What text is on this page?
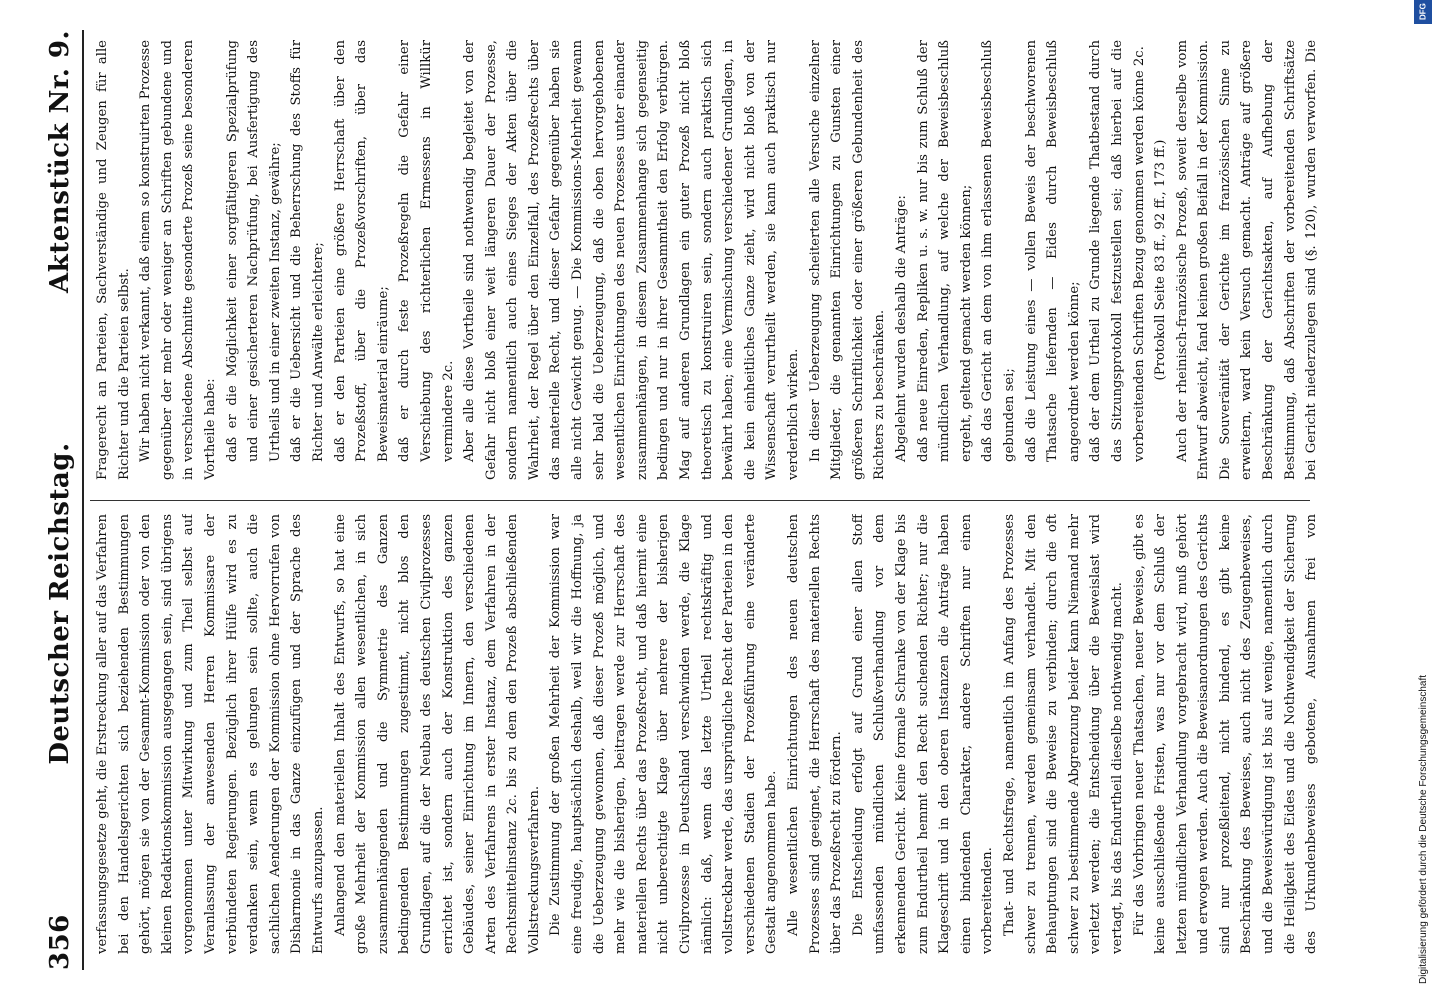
356
Deutscher Reichstag.
Aktenstück Nr. 9.

verfassungsgesetze geht, die Erstreckung aller auf das Verfahren bei den Handelsgerichten sich beziehenden Bestimmungen gehört, mögen sie von der Gesammt-Kommission oder von den kleinen Redaktionskommission ausgegangen sein, sind übrigens vorgenommen unter Mitwirkung und zum Theil selbst auf Veranlassung der anwesenden Herren Kommissare der verbündeten Regierungen. Bezüglich ihrer Hülfe wird es zu verdanken sein, wenn es gelungen sein sollte, auch die sachlichen Aenderungen der Kommission ohne Hervorrufen von Disharmonie in das Ganze einzufügen und der Sprache des Entwurfs anzupassen. Anlangend den materiellen Inhalt des Entwurfs, so hat eine große Mehrheit der Kommission allen wesentlichen, in sich zusammenhängenden und die Symmetrie des Ganzen bedingenden Bestimmungen zugestimmt, nicht blos den Grundlagen, auf die der Neubau des deutschen Civilprozesses errichtet ist, sondern auch der Konstruktion des ganzen Gebäudes, seiner Einrichtung im Innern, den verschiedenen Arten des Verfahrens in erster Instanz, dem Verfahren in der Rechtsmittelinstanz 2c. bis zu dem den Prozeß abschließenden Vollstreckungsverfahren. Die Zustimmung der großen Mehrheit der Kommission war eine freudige, hauptsächlich deshalb, weil wir die Hoffnung, ja die Ueberzeugung gewonnen, daß dieser Prozeß möglich, und mehr wie die bisherigen, beitragen werde zur Herrschaft des materiellen Rechts über das Prozeßrecht, und daß hiermit eine nicht unberechtigte Klage über mehrere der bisherigen Civilprozesse in Deutschland verschwinden werde, die Klage nämlich: daß, wenn das letzte Urtheil rechtskräftig und vollstreckbar werde, das ursprüngliche Recht der Parteien in den verschiedenen Stadien der Prozeßführung eine veränderte Gestalt angenommen habe. Alle wesentlichen Einrichtungen des neuen deutschen Prozesses sind geeignet, die Herrschaft des materiellen Rechts über das Prozeßrecht zu fördern. Die Entscheidung erfolgt auf Grund einer allen Stoff umfassenden mündlichen Schlußverhandlung vor dem erkennenden Gericht. Keine formale Schranke von der Klage bis zum Endurtheil hemmt den Recht suchenden Richter; nur die Klageschrift und in den oberen Instanzen die Anträge haben einen bindenden Charakter, andere Schriften nur einen vorbereitenden. That- und Rechtsfrage, namentlich im Anfang des Prozesses schwer zu trennen, werden gemeinsam verhandelt. Mit den Behauptungen sind die Beweise zu verbinden; durch die oft schwer zu bestimmende Abgrenzung beider kann Niemand mehr verletzt werden; die Entscheidung über die Beweislast wird vertagt, bis das Endurtheil dieselbe nothwendig macht. Für das Vorbringen neuer Thatsachen, neuer Beweise, gibt es keine ausschließende Fristen, was nur vor dem Schluß der letzten mündlichen Verhandlung vorgebracht wird, muß gehört und erwogen werden. Auch die Beweisanordnungen des Gerichts sind nur prozeßleitend, nicht bindend, es gibt keine Beschränkung des Beweises, auch nicht des Zeugenbeweises, und die Beweiswürdigung ist bis auf wenige, namentlich durch die Heiligkeit des Eides und die Nothwendigkeit der Sicherung des Urkundenbeweises gebotene, Ausnahmen frei von

Fragerecht an Parteien, Sachverständige und Zeugen für alle Richter und die Parteien selbst. Wir haben nicht verkannt, daß einem so konstruirten Prozesse gegenüber der mehr oder weniger an Schriften gebundene und in verschiedene Abschnitte gesonderte Prozeß seine besonderen Vortheile habe: daß er die Möglichkeit einer sorgfältigeren Spezialprüfung und einer gesicherteren Nachprüfung, bei Ausfertigung des Urtheils und in einer zweiten Instanz, gewähre; daß er die Uebersicht und die Beherrschung des Stoffs für Richter und Anwälte erleichtere; daß er den Parteien eine größere Herrschaft über den Prozeßstoff, über die Prozeßvorschriften, über das Beweismaterial einräume; daß er durch feste Prozeßregeln die Gefahr einer Verschiebung des richterlichen Ermessens in Willkür vermindere 2c. Aber alle diese Vortheile sind nothwendig begleitet von der Gefahr nicht bloß einer weit längeren Dauer der Prozesse, sondern namentlich auch eines Sieges der Akten über die Wahrheit, der Regel über den Einzelfall, des Prozeßrechts über das materielle Recht, und dieser Gefahr gegenüber haben sie alle nicht Gewicht genug. — Die Kommissions-Mehrheit gewann sehr bald die Ueberzeugung, daß die oben hervorgehobenen wesentlichen Einrichtungen des neuen Prozesses unter einander zusammenhängen, in diesem Zusammenhange sich gegenseitig bedingen und nur in ihrer Gesammtheit den Erfolg verbürgen. Mag auf anderen Grundlagen ein guter Prozeß nicht bloß theoretisch zu konstruiren sein, sondern auch praktisch sich bewährt haben; eine Vermischung verschiedener Grundlagen, in die kein einheitliches Ganze zieht, wird nicht bloß von der Wissenschaft verurtheilt werden, sie kann auch praktisch nur verderblich wirken. In dieser Ueberzeugung scheiterten alle Versuche einzelner Mitglieder, die genannten Einrichtungen zu Gunsten einer größeren Schriftlichkeit oder einer größeren Gebundenheit des Richters zu beschränken. Abgelehnt wurden deshalb die Anträge: daß neue Einreden, Repliken u. s. w. nur bis zum Schluß der mündlichen Verhandlung, auf welche der Beweisbeschluß ergeht, geltend gemacht werden können; daß das Gericht an dem von ihm erlassenen Beweisbeschluß gebunden sei; daß die Leistung eines — vollen Beweis der beschworenen Thatsache liefernden — Eides durch Beweisbeschluß angeordnet werden könne; daß der dem Urtheil zu Grunde liegende Thatbestand durch das Sitzungsprotokoll festzustellen sei; daß hierbei auf die vorbereitenden Schriften Bezug genommen werden könne 2c. (Protokoll Seite 83 ff., 92 ff., 173 ff.)

Auch der rheinisch-französische Prozeß, soweit derselbe vom Entwurf abweicht, fand keinen großen Beifall in der Kommission. Die Souveränität der Gerichte im französischen Sinne zu erweitern, ward kein Versuch gemacht. Anträge auf größere Beschränkung der Gerichtsakten, auf Aufhebung der Bestimmung, daß Abschriften der vorbereitenden Schriftsätze bei Gericht niederzulegen sind (§. 120), wurden verworfen. Die

DFG
Digitalisierung gefördert durch die Deutsche Forschungsgemeinschaft
